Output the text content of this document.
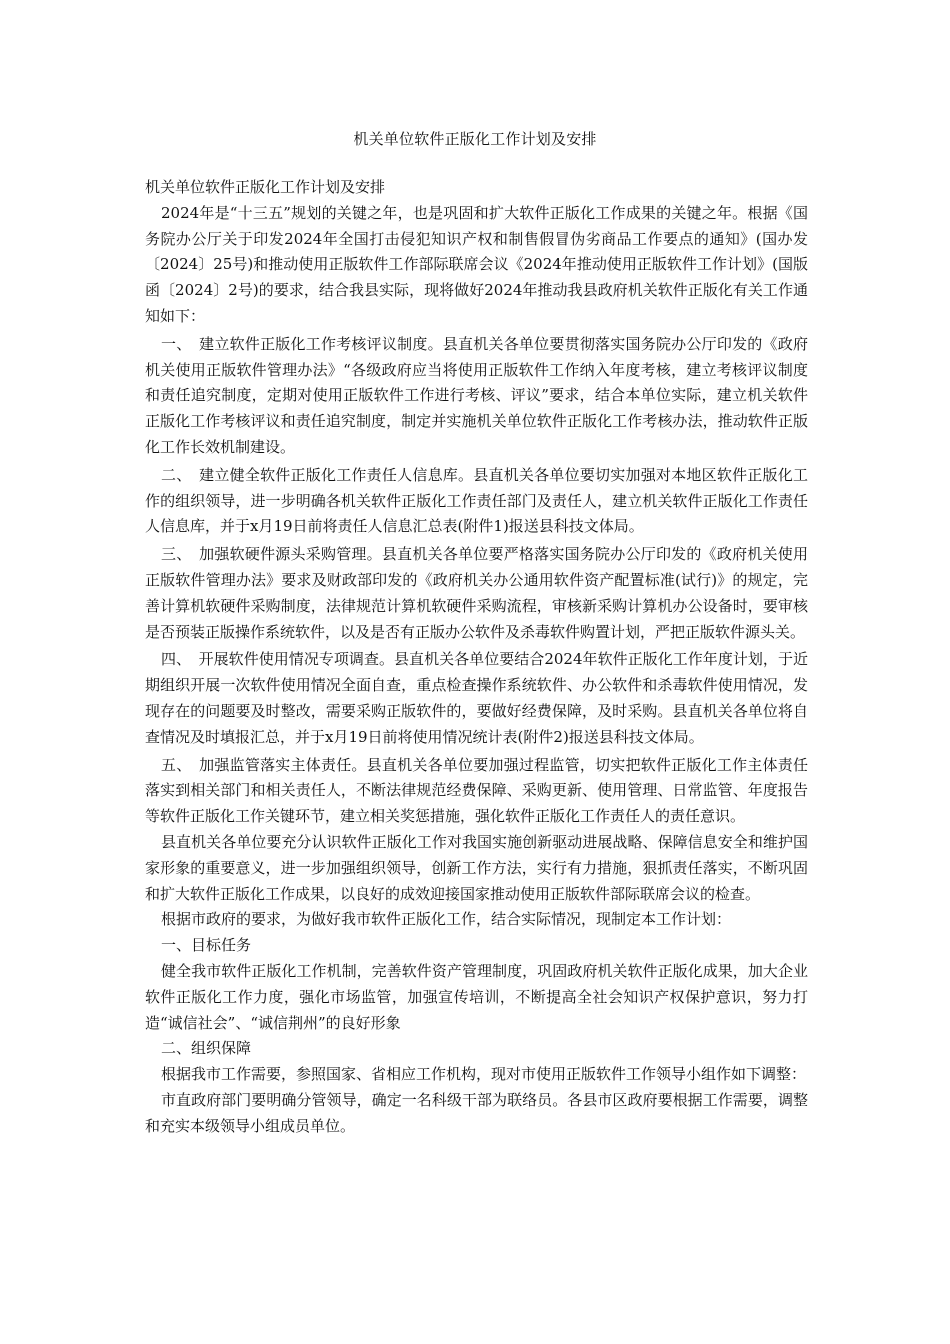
机关单位软件正版化工作计划及安排

机关单位软件正版化工作计划及安排

2024年是“十三五”规划的关键之年，也是巩固和扩大软件正版化工作成果的关键之年。根据《国务院办公厅关于印发2024年全国打击侵犯知识产权和制售假冒伪劣商品工作要点的通知》(国办发〔2024〕25号)和推动使用正版软件工作部际联席会议《2024年推动使用正版软件工作计划》(国版函〔2024〕2号)的要求，结合我县实际，现将做好2024年推动我县政府机关软件正版化有关工作通知如下：

一、　建立软件正版化工作考核评议制度。县直机关各单位要贯彻落实国务院办公厅印发的《政府机关使用正版软件管理办法》“各级政府应当将使用正版软件工作纳入年度考核，建立考核评议制度和责任追究制度，定期对使用正版软件工作进行考核、评议”要求，结合本单位实际，建立机关软件正版化工作考核评议和责任追究制度，制定并实施机关单位软件正版化工作考核办法，推动软件正版化工作长效机制建设。

二、　建立健全软件正版化工作责任人信息库。县直机关各单位要切实加强对本地区软件正版化工作的组织领导，进一步明确各机关软件正版化工作责任部门及责任人，建立机关软件正版化工作责任人信息库，并于x月19日前将责任人信息汇总表(附件1)报送县科技文体局。

三、　加强软硬件源头采购管理。县直机关各单位要严格落实国务院办公厅印发的《政府机关使用正版软件管理办法》要求及财政部印发的《政府机关办公通用软件资产配置标准(试行)》的规定，完善计算机软硬件采购制度，法律规范计算机软硬件采购流程，审核新采购计算机办公设备时，要审核是否预装正版操作系统软件，以及是否有正版办公软件及杀毒软件购置计划，严把正版软件源头关。

四、　开展软件使用情况专项调查。县直机关各单位要结合2024年软件正版化工作年度计划，于近期组织开展一次软件使用情况全面自查，重点检查操作系统软件、办公软件和杀毒软件使用情况，发现存在的问题要及时整改，需要采购正版软件的，要做好经费保障，及时采购。县直机关各单位将自查情况及时填报汇总，并于x月19日前将使用情况统计表(附件2)报送县科技文体局。

五、　加强监管落实主体责任。县直机关各单位要加强过程监管，切实把软件正版化工作主体责任落实到相关部门和相关责任人，不断法律规范经费保障、采购更新、使用管理、日常监管、年度报告等软件正版化工作关键环节，建立相关奖惩措施，强化软件正版化工作责任人的责任意识。

县直机关各单位要充分认识软件正版化工作对我国实施创新驱动进展战略、保障信息安全和维护国家形象的重要意义，进一步加强组织领导，创新工作方法，实行有力措施，狠抓责任落实，不断巩固和扩大软件正版化工作成果，以良好的成效迎接国家推动使用正版软件部际联席会议的检查。

根据市政府的要求，为做好我市软件正版化工作，结合实际情况，现制定本工作计划：

一、目标任务

健全我市软件正版化工作机制，完善软件资产管理制度，巩固政府机关软件正版化成果，加大企业软件正版化工作力度，强化市场监管，加强宣传培训，不断提高全社会知识产权保护意识，努力打造“诚信社会”、“诚信荆州”的良好形象

二、组织保障

根据我市工作需要，参照国家、省相应工作机构，现对市使用正版软件工作领导小组作如下调整：

市直政府部门要明确分管领导，确定一名科级干部为联络员。各县市区政府要根据工作需要，调整和充实本级领导小组成员单位。
